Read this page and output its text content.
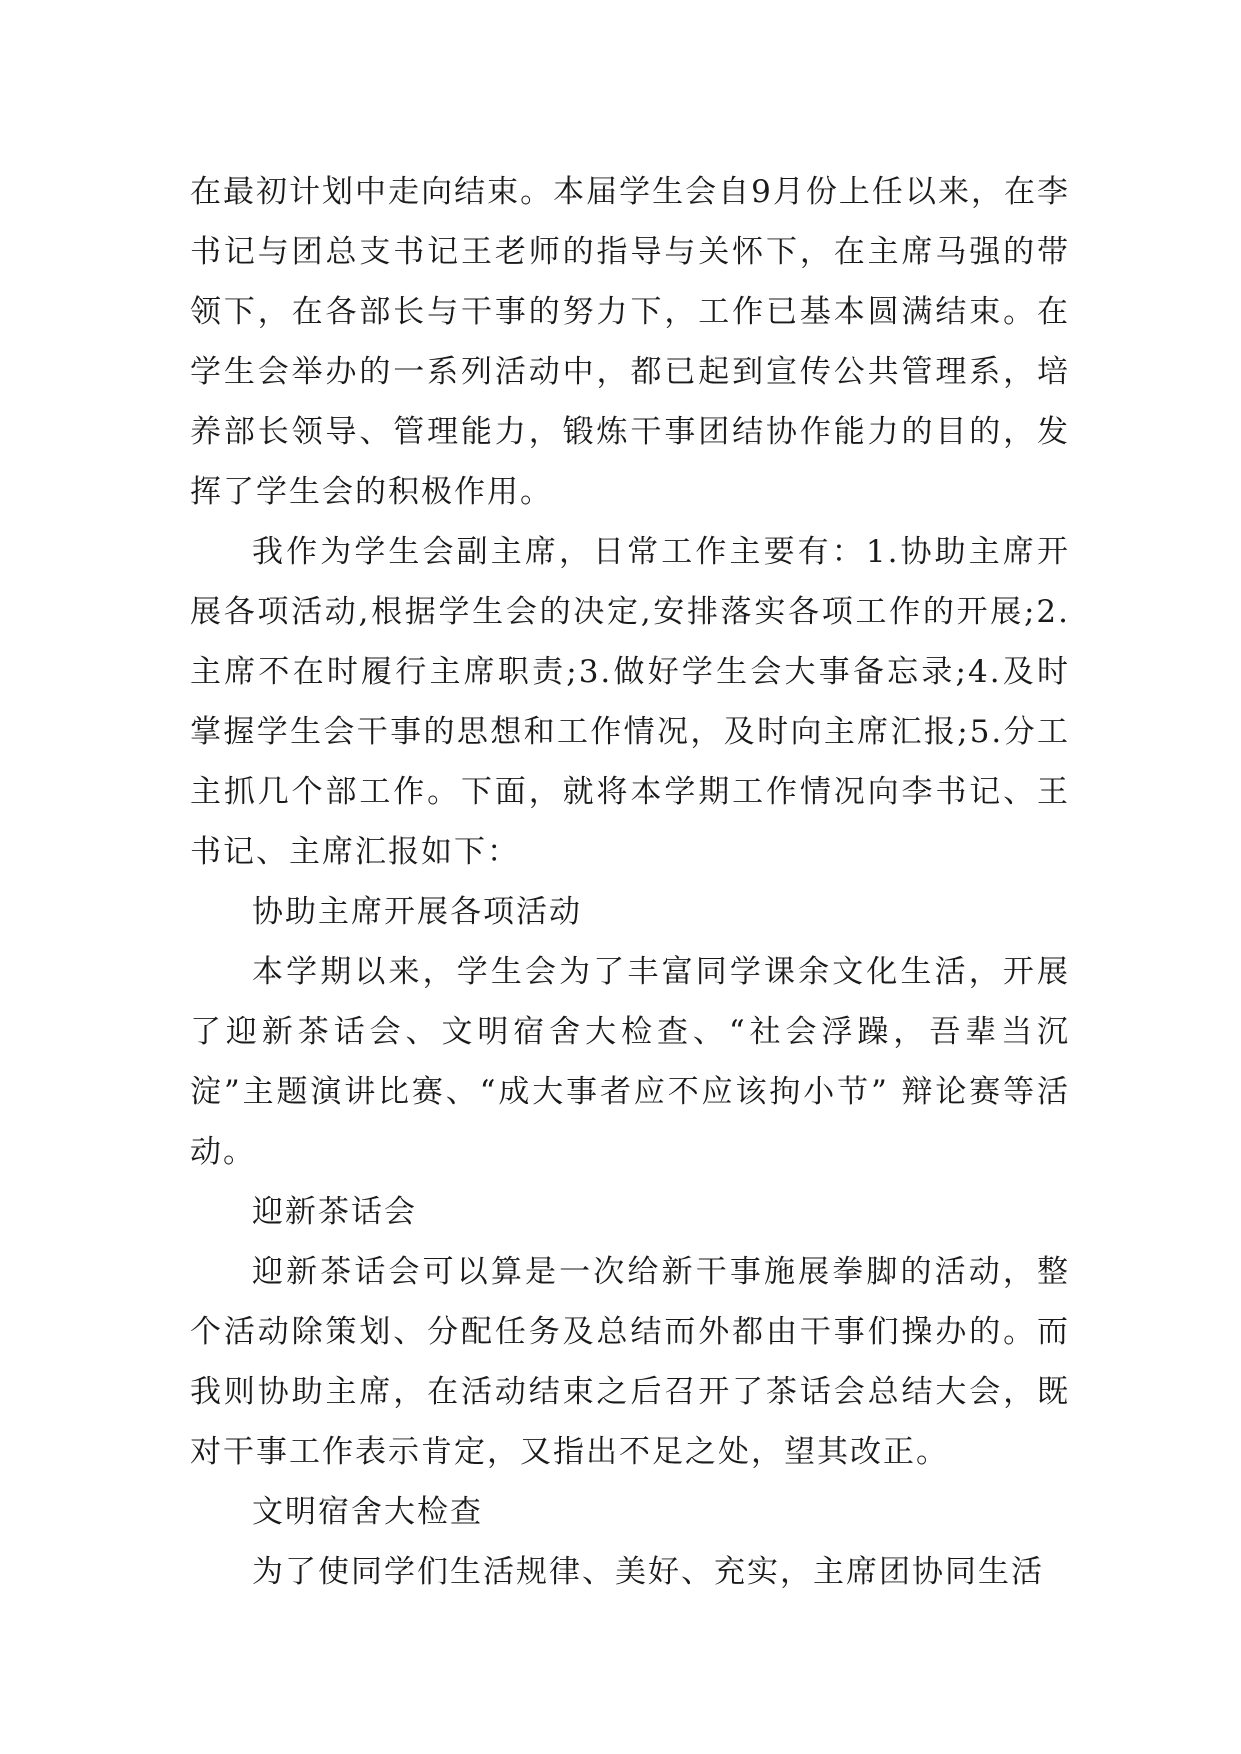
在最初计划中走向结束。本届学生会自9月份上任以来，在李书记与团总支书记王老师的指导与关怀下，在主席马强的带领下，在各部长与干事的努力下，工作已基本圆满结束。在学生会举办的一系列活动中，都已起到宣传公共管理系，培养部长领导、管理能力，锻炼干事团结协作能力的目的，发挥了学生会的积极作用。

我作为学生会副主席，日常工作主要有：1.协助主席开展各项活动,根据学生会的决定,安排落实各项工作的开展;2.主席不在时履行主席职责;3.做好学生会大事备忘录;4.及时掌握学生会干事的思想和工作情况，及时向主席汇报;5.分工主抓几个部工作。下面，就将本学期工作情况向李书记、王书记、主席汇报如下：

协助主席开展各项活动

本学期以来，学生会为了丰富同学课余文化生活，开展了迎新茶话会、文明宿舍大检查、“社会浮躁，吾辈当沉淀”主题演讲比赛、“成大事者应不应该拘小节” 辩论赛等活动。

迎新茶话会

迎新茶话会可以算是一次给新干事施展拳脚的活动，整个活动除策划、分配任务及总结而外都由干事们操办的。而我则协助主席，在活动结束之后召开了茶话会总结大会，既对干事工作表示肯定，又指出不足之处，望其改正。

文明宿舍大检查

为了使同学们生活规律、美好、充实，主席团协同生活
